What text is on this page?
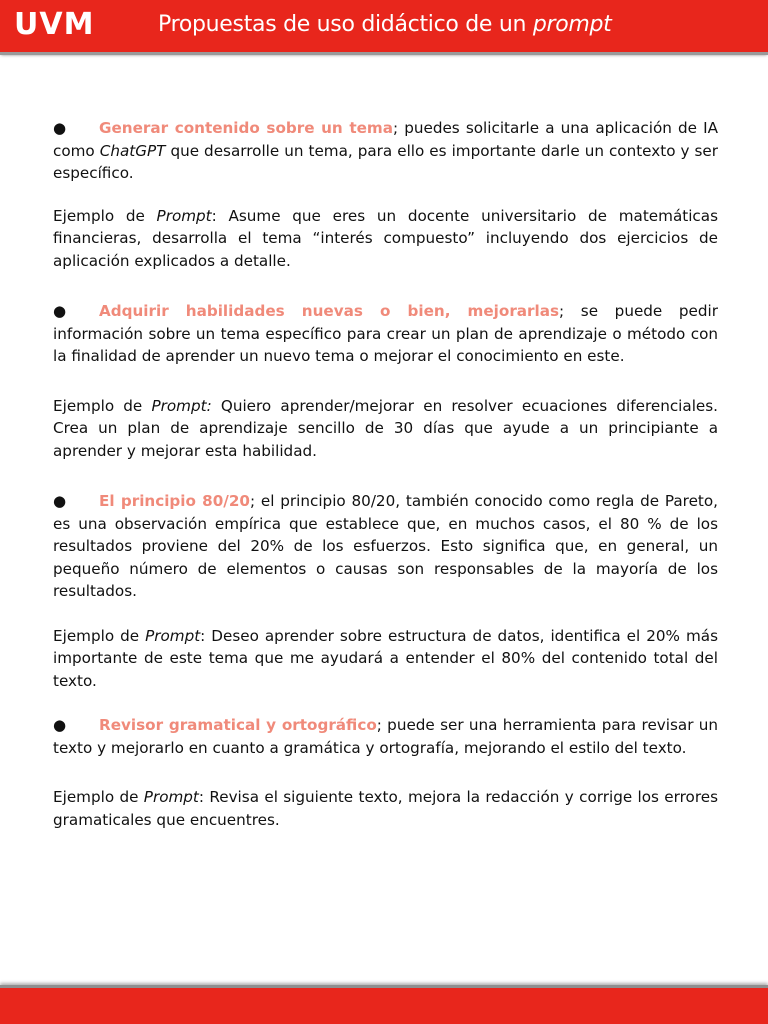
UVM	Propuestas de uso didáctico de un prompt

● Generar contenido sobre un tema; puedes solicitarle a una aplicación de IA como ChatGPT que desarrolle un tema, para ello es importante darle un contexto y ser específico.

Ejemplo de Prompt: Asume que eres un docente universitario de matemáticas financieras, desarrolla el tema “interés compuesto” incluyendo dos ejercicios de aplicación explicados a detalle.

● Adquirir habilidades nuevas o bien, mejorarlas; se puede pedir información sobre un tema específico para crear un plan de aprendizaje o método con la finalidad de aprender un nuevo tema o mejorar el conocimiento en este.

Ejemplo de Prompt: Quiero aprender/mejorar en resolver ecuaciones diferenciales. Crea un plan de aprendizaje sencillo de 30 días que ayude a un principiante a aprender y mejorar esta habilidad.

● El principio 80/20; el principio 80/20, también conocido como regla de Pareto, es una observación empírica que establece que, en muchos casos, el 80 % de los resultados proviene del 20% de los esfuerzos. Esto significa que, en general, un pequeño número de elementos o causas son responsables de la mayoría de los resultados.

Ejemplo de Prompt: Deseo aprender sobre estructura de datos, identifica el 20% más importante de este tema que me ayudará a entender el 80% del contenido total del texto.

● Revisor gramatical y ortográfico; puede ser una herramienta para revisar un texto y mejorarlo en cuanto a gramática y ortografía, mejorando el estilo del texto.

Ejemplo de Prompt: Revisa el siguiente texto, mejora la redacción y corrige los errores gramaticales que encuentres.
